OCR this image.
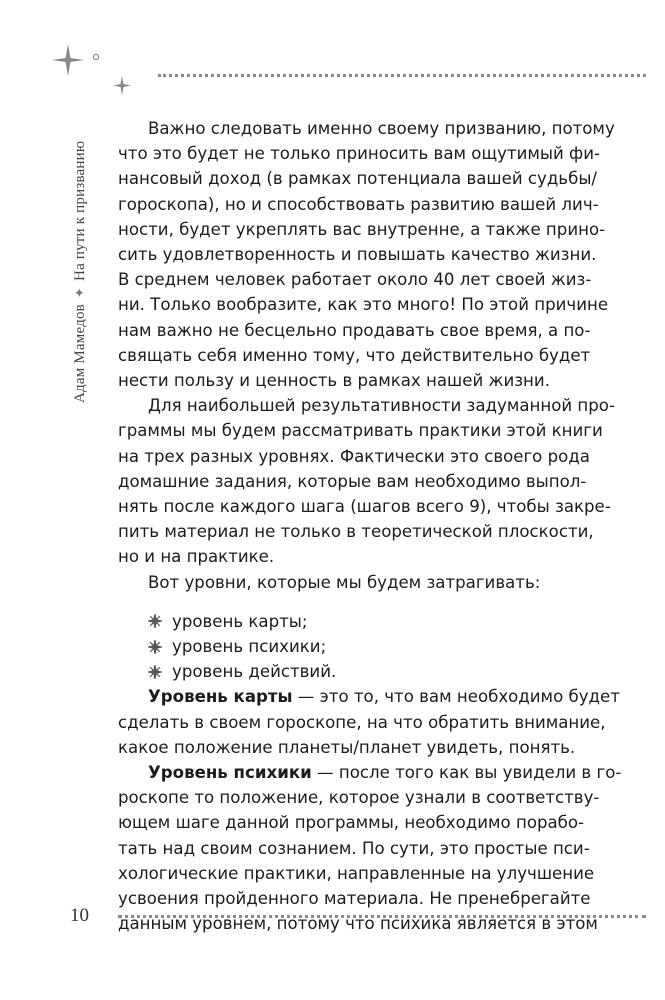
Адам Мамедов✦На пути к призванию

Важно следовать именно своему призванию, потому
что это будет не только приносить вам ощутимый фи-
нансовый доход (в рамках потенциала вашей судьбы/
гороскопа), но и способствовать развитию вашей лич-
ности, будет укреплять вас внутренне, а также прино-
сить удовлетворенность и повышать качество жизни.
В среднем человек работает около 40 лет своей жиз-
ни. Только вообразите, как это много! По этой причине
нам важно не бесцельно продавать свое время, а по-
свящать себя именно тому, что действительно будет
нести пользу и ценность в рамках нашей жизни.

Для наибольшей результативности задуманной про-
граммы мы будем рассматривать практики этой книги
на трех разных уровнях. Фактически это своего рода
домашние задания, которые вам необходимо выпол-
нять после каждого шага (шагов всего 9), чтобы закре-
пить материал не только в теоретической плоскости,
но и на практике.

Вот уровни, которые мы будем затрагивать:

уровень карты;
уровень психики;
уровень действий.

Уровень карты — это то, что вам необходимо будет
сделать в своем гороскопе, на что обратить внимание,
какое положение планеты/планет увидеть, понять.

Уровень психики — после того как вы увидели в го-
роскопе то положение, которое узнали в соответству-
ющем шаге данной программы, необходимо порабо-
тать над своим сознанием. По сути, это простые пси-
хологические практики, направленные на улучшение
усвоения пройденного материала. Не пренебрегайте
данным уровнем, потому что психика является в этом

10
